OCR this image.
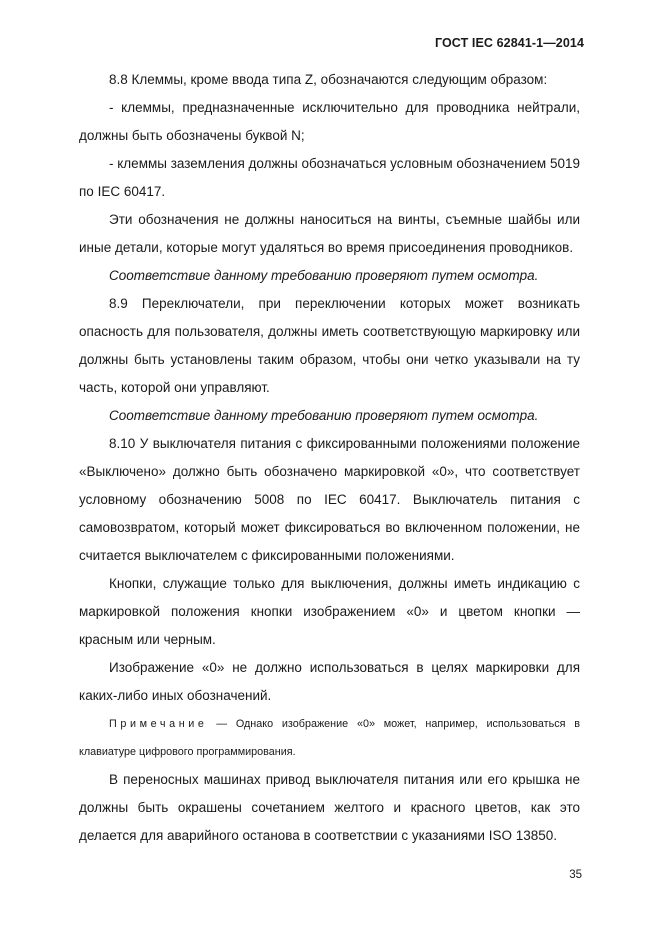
ГОСТ IEC 62841-1—2014

8.8 Клеммы, кроме ввода типа Z, обозначаются следующим образом:

- клеммы, предназначенные исключительно для проводника нейтрали, должны быть обозначены буквой N;

- клеммы заземления должны обозначаться условным обозначением 5019 по IEC 60417.

Эти обозначения не должны наноситься на винты, съемные шайбы или иные детали, которые могут удаляться во время присоединения проводников.

Соответствие данному требованию проверяют путем осмотра.

8.9 Переключатели, при переключении которых может возникать опасность для пользователя, должны иметь соответствующую маркировку или должны быть установлены таким образом, чтобы они четко указывали на ту часть, которой они управляют.

Соответствие данному требованию проверяют путем осмотра.

8.10 У выключателя питания с фиксированными положениями положение «Выключено» должно быть обозначено маркировкой «0», что соответствует условному обозначению 5008 по IEC 60417. Выключатель питания с самовозвратом, который может фиксироваться во включенном положении, не считается выключателем с фиксированными положениями.

Кнопки, служащие только для выключения, должны иметь индикацию с маркировкой положения кнопки изображением «0» и цветом кнопки — красным или черным.

Изображение «0» не должно использоваться в целях маркировки для каких-либо иных обозначений.

Примечание — Однако изображение «0» может, например, использоваться в клавиатуре цифрового программирования.

В переносных машинах привод выключателя питания или его крышка не должны быть окрашены сочетанием желтого и красного цветов, как это делается для аварийного останова в соответствии с указаниями ISO 13850.

35
